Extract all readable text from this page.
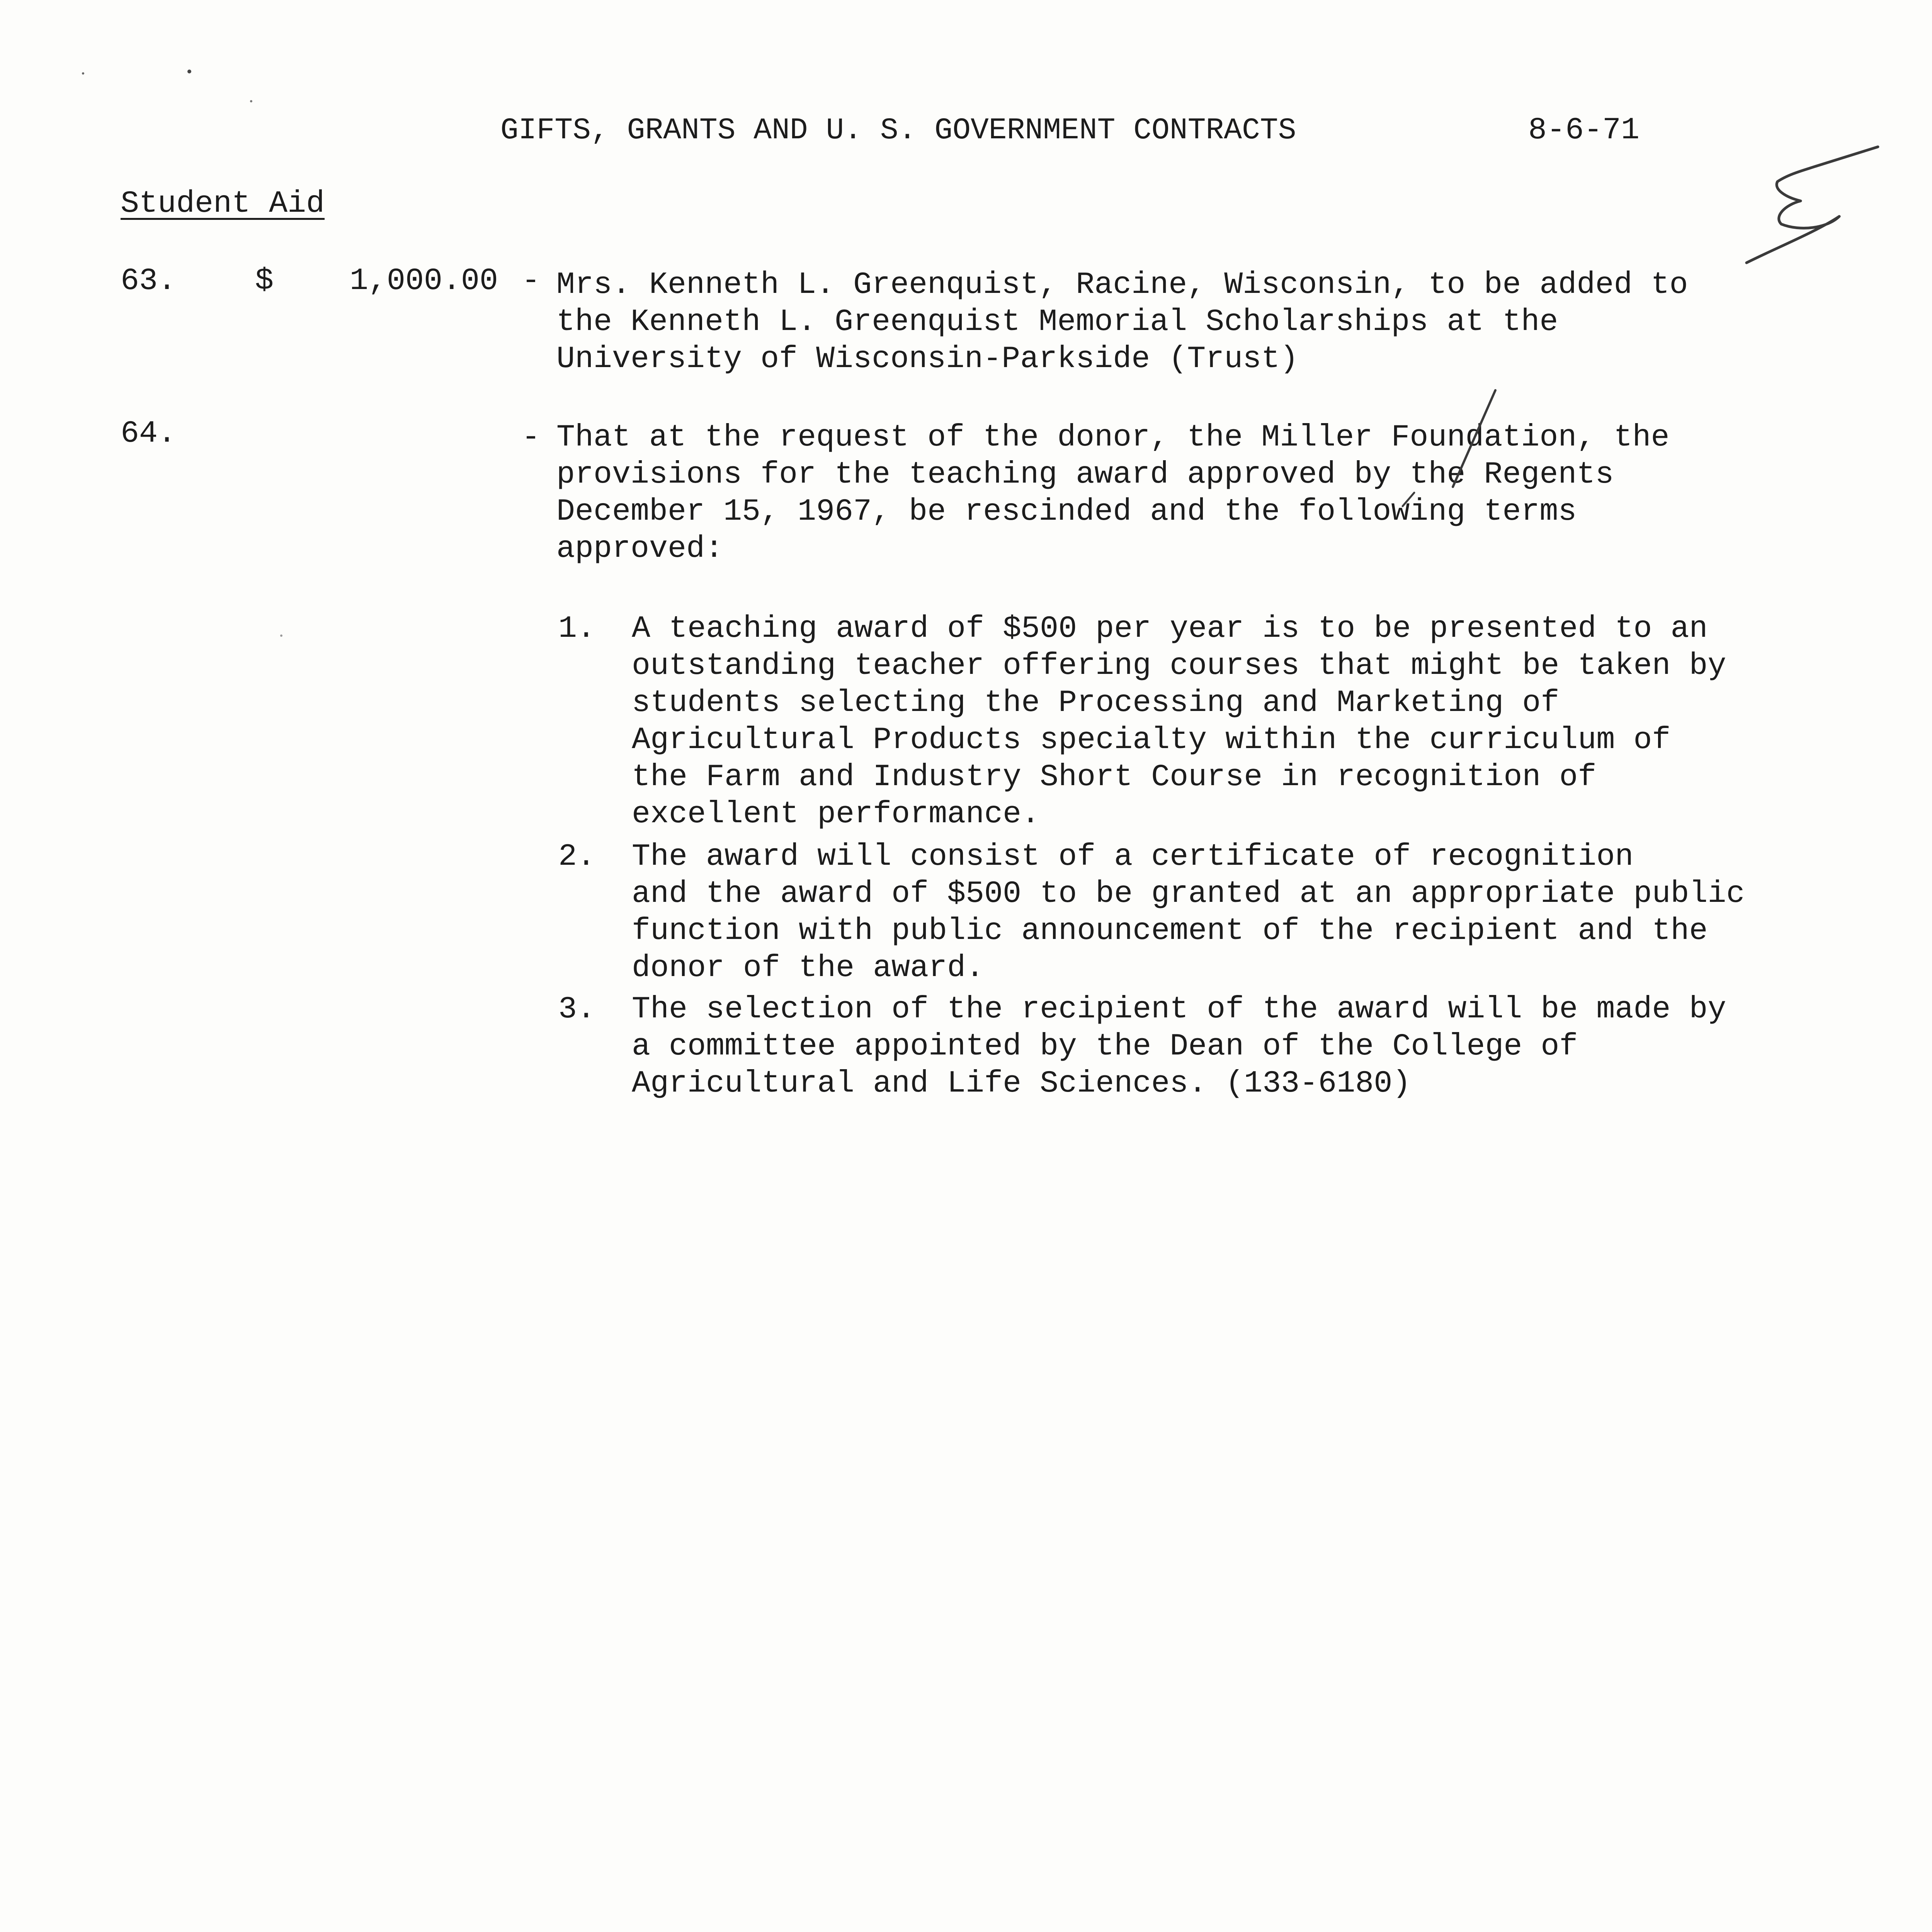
GIFTS, GRANTS AND U. S. GOVERNMENT CONTRACTS	8-6-71
Student Aid
63.	$ 1,000.00 - Mrs. Kenneth L. Greenquist, Racine, Wisconsin, to be added to
the Kenneth L. Greenquist Memorial Scholarships at the
University of Wisconsin-Parkside (Trust)
64.	- That at the request of the donor, the Miller Foundation, the
provisions for the teaching award approved by the Regents
December 15, 1967, be rescinded and the following terms
approved:
1. A teaching award of $500 per year is to be presented to an
outstanding teacher offering courses that might be taken by
students selecting the Processing and Marketing of
Agricultural Products specialty within the curriculum of
the Farm and Industry Short Course in recognition of
excellent performance.
2. The award will consist of a certificate of recognition
and the award of $500 to be granted at an appropriate public
function with public announcement of the recipient and the
donor of the award.
3. The selection of the recipient of the award will be made by
a committee appointed by the Dean of the College of
Agricultural and Life Sciences. (133-6180)
